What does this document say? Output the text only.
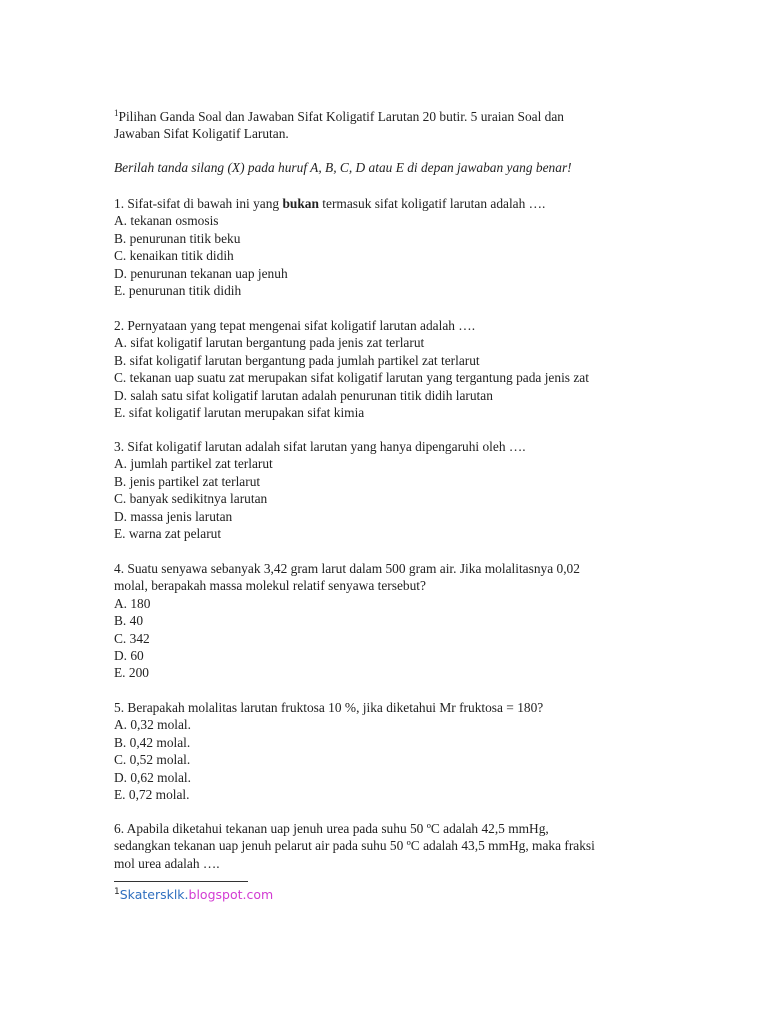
$^1$Pilihan Ganda Soal dan Jawaban Sifat Koligatif Larutan 20 butir. 5 uraian Soal dan
Jawaban Sifat Koligatif Larutan.
Berilah tanda silang (X) pada huruf A, B, C, D atau E di depan jawaban yang benar!
1. Sifat-sifat di bawah ini yang bukan termasuk sifat koligatif larutan adalah ….
A. tekanan osmosis
B. penurunan titik beku
C. kenaikan titik didih
D. penurunan tekanan uap jenuh
E. penurunan titik didih
2. Pernyataan yang tepat mengenai sifat koligatif larutan adalah ….
A. sifat koligatif larutan bergantung pada jenis zat terlarut
B. sifat koligatif larutan bergantung pada jumlah partikel zat terlarut
C. tekanan uap suatu zat merupakan sifat koligatif larutan yang tergantung pada jenis zat
D. salah satu sifat koligatif larutan adalah penurunan titik didih larutan
E. sifat koligatif larutan merupakan sifat kimia
3. Sifat koligatif larutan adalah sifat larutan yang hanya dipengaruhi oleh ….
A. jumlah partikel zat terlarut
B. jenis partikel zat terlarut
C. banyak sedikitnya larutan
D. massa jenis larutan
E. warna zat pelarut
4. Suatu senyawa sebanyak 3,42 gram larut dalam 500 gram air. Jika molalitasnya 0,02
molal, berapakah massa molekul relatif senyawa tersebut?
A. 180
B. 40
C. 342
D. 60
E. 200
5. Berapakah molalitas larutan fruktosa 10 %, jika diketahui Mr fruktosa = 180?
A. 0,32 molal.
B. 0,42 molal.
C. 0,52 molal.
D. 0,62 molal.
E. 0,72 molal.
6. Apabila diketahui tekanan uap jenuh urea pada suhu 50 ºC adalah 42,5 mmHg,
sedangkan tekanan uap jenuh pelarut air pada suhu 50 ºC adalah 43,5 mmHg, maka fraksi
mol urea adalah ….
$^1$Skatersklk.blogspot.com
